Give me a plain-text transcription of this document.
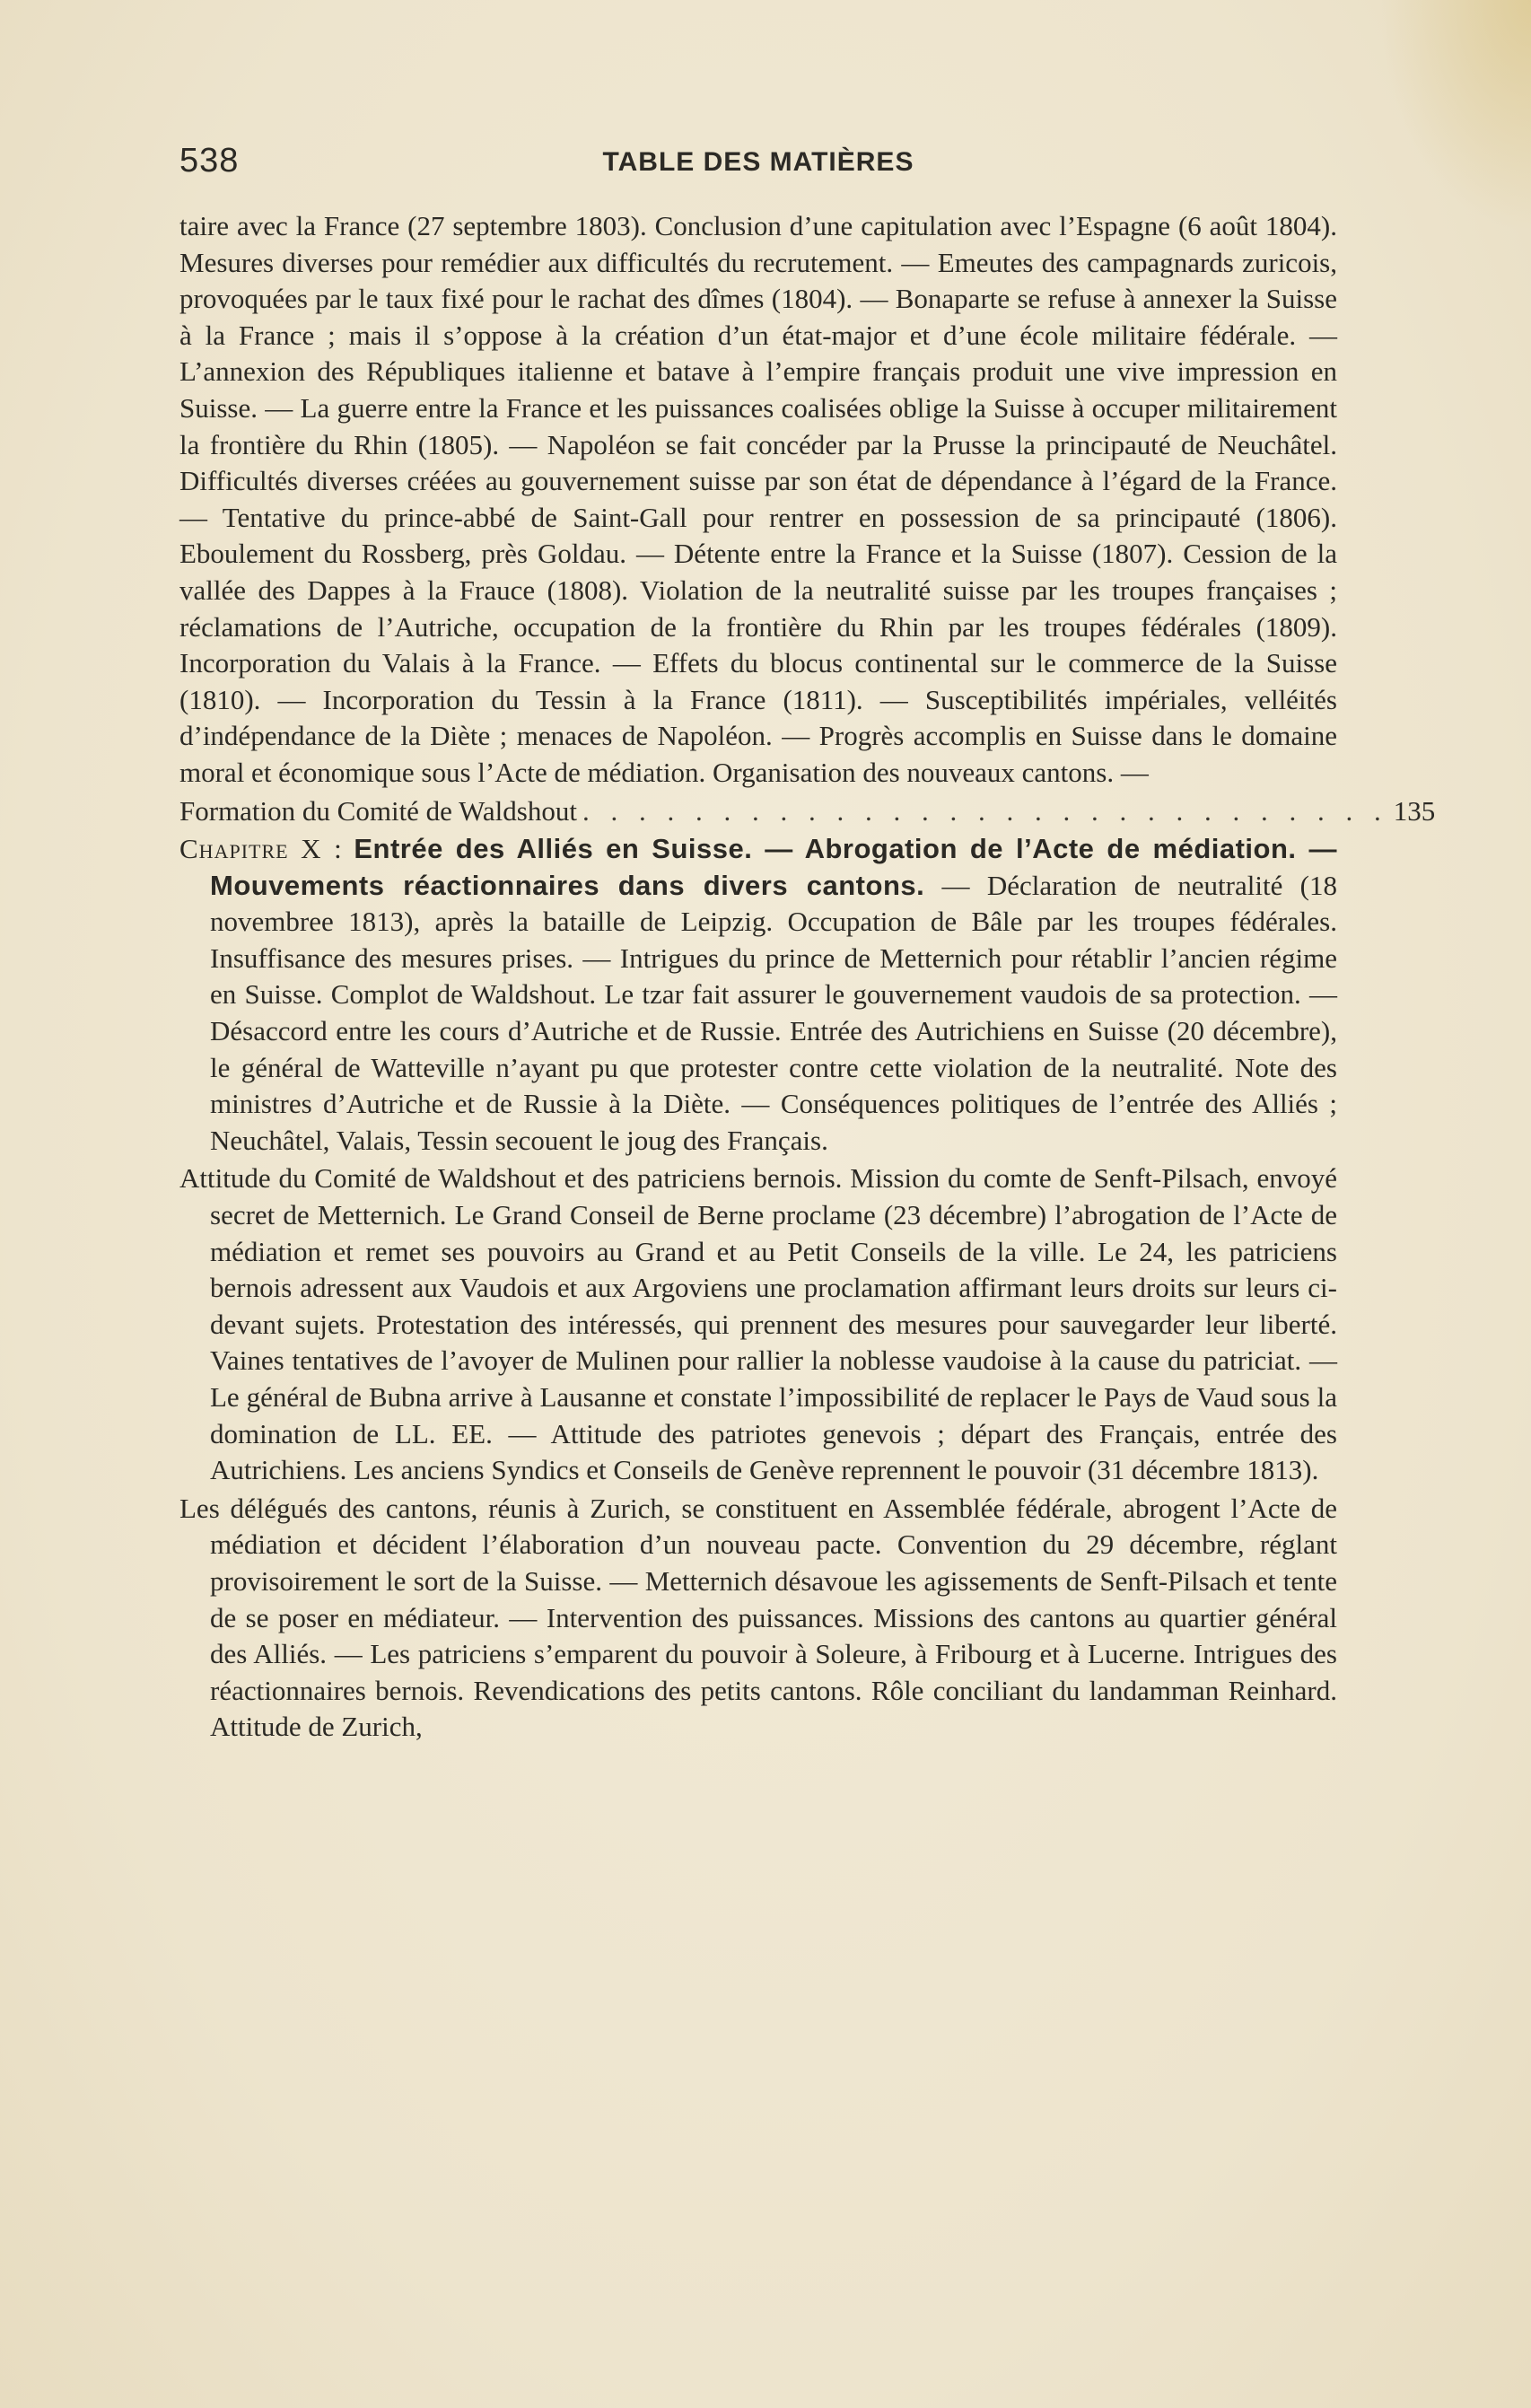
538	TABLE DES MATIÈRES

taire avec la France (27 septembre 1803). Conclusion d’une capitulation avec l’Espagne (6 août 1804). Mesures diverses pour remédier aux difficultés du recrutement. — Emeutes des campagnards zuricois, provoquées par le taux fixé pour le rachat des dîmes (1804). — Bonaparte se refuse à annexer la Suisse à la France ; mais il s’oppose à la création d’un état-major et d’une école militaire fédérale. — L’annexion des Républiques italienne et batave à l’empire français produit une vive impression en Suisse. — La guerre entre la France et les puissances coalisées oblige la Suisse à occuper militairement la frontière du Rhin (1805). — Napoléon se fait concéder par la Prusse la principauté de Neuchâtel. Difficultés diverses créées au gouvernement suisse par son état de dépendance à l’égard de la France. — Tentative du prince-abbé de Saint-Gall pour rentrer en possession de sa principauté (1806). Eboulement du Rossberg, près Goldau. — Détente entre la France et la Suisse (1807). Cession de la vallée des Dappes à la Frauce (1808). Violation de la neutralité suisse par les troupes françaises ; réclamations de l’Autriche, occupation de la frontière du Rhin par les troupes fédérales (1809). Incorporation du Valais à la France. — Effets du blocus continental sur le commerce de la Suisse (1810). — Incorporation du Tessin à la France (1811). — Susceptibilités impériales, velléités d’indépendance de la Diète ; menaces de Napoléon. — Progrès accomplis en Suisse dans le domaine moral et économique sous l’Acte de médiation. Organisation des nouveaux cantons. —

Formation du Comité de Waldshout . . . . . . . . . . . . . . . . . . . . . . . . . . . . . 135

Chapitre X : Entrée des Alliés en Suisse. — Abrogation de l’Acte de médiation. — Mouvements réactionnaires dans divers cantons. — Déclaration de neutralité (18 novembree 1813), après la bataille de Leipzig. Occupation de Bâle par les troupes fédérales. Insuffisance des mesures prises. — Intrigues du prince de Metternich pour rétablir l’ancien régime en Suisse. Complot de Waldshout. Le tzar fait assurer le gouvernement vaudois de sa protection. — Désaccord entre les cours d’Autriche et de Russie. Entrée des Autrichiens en Suisse (20 décembre), le général de Watteville n’ayant pu que protester contre cette violation de la neutralité. Note des ministres d’Autriche et de Russie à la Diète. — Conséquences politiques de l’entrée des Alliés ; Neuchâtel, Valais, Tessin secouent le joug des Français.

Attitude du Comité de Waldshout et des patriciens bernois. Mission du comte de Senft-Pilsach, envoyé secret de Metternich. Le Grand Conseil de Berne proclame (23 décembre) l’abrogation de l’Acte de médiation et remet ses pouvoirs au Grand et au Petit Conseils de la ville. Le 24, les patriciens bernois adressent aux Vaudois et aux Argoviens une proclamation affirmant leurs droits sur leurs ci-devant sujets. Protestation des intéressés, qui prennent des mesures pour sauvegarder leur liberté. Vaines tentatives de l’avoyer de Mulinen pour rallier la noblesse vaudoise à la cause du patriciat. — Le général de Bubna arrive à Lausanne et constate l’impossibilité de replacer le Pays de Vaud sous la domination de LL. EE. — Attitude des patriotes genevois ; départ des Français, entrée des Autrichiens. Les anciens Syndics et Conseils de Genève reprennent le pouvoir (31 décembre 1813).

Les délégués des cantons, réunis à Zurich, se constituent en Assemblée fédérale, abrogent l’Acte de médiation et décident l’élaboration d’un nouveau pacte. Convention du 29 décembre, réglant provisoirement le sort de la Suisse. — Metternich désavoue les agissements de Senft-Pilsach et tente de se poser en médiateur. — Intervention des puissances. Missions des cantons au quartier général des Alliés. — Les patriciens s’emparent du pouvoir à Soleure, à Fribourg et à Lucerne. Intrigues des réactionnaires bernois. Revendications des petits cantons. Rôle conciliant du landamman Reinhard. Attitude de Zurich,
